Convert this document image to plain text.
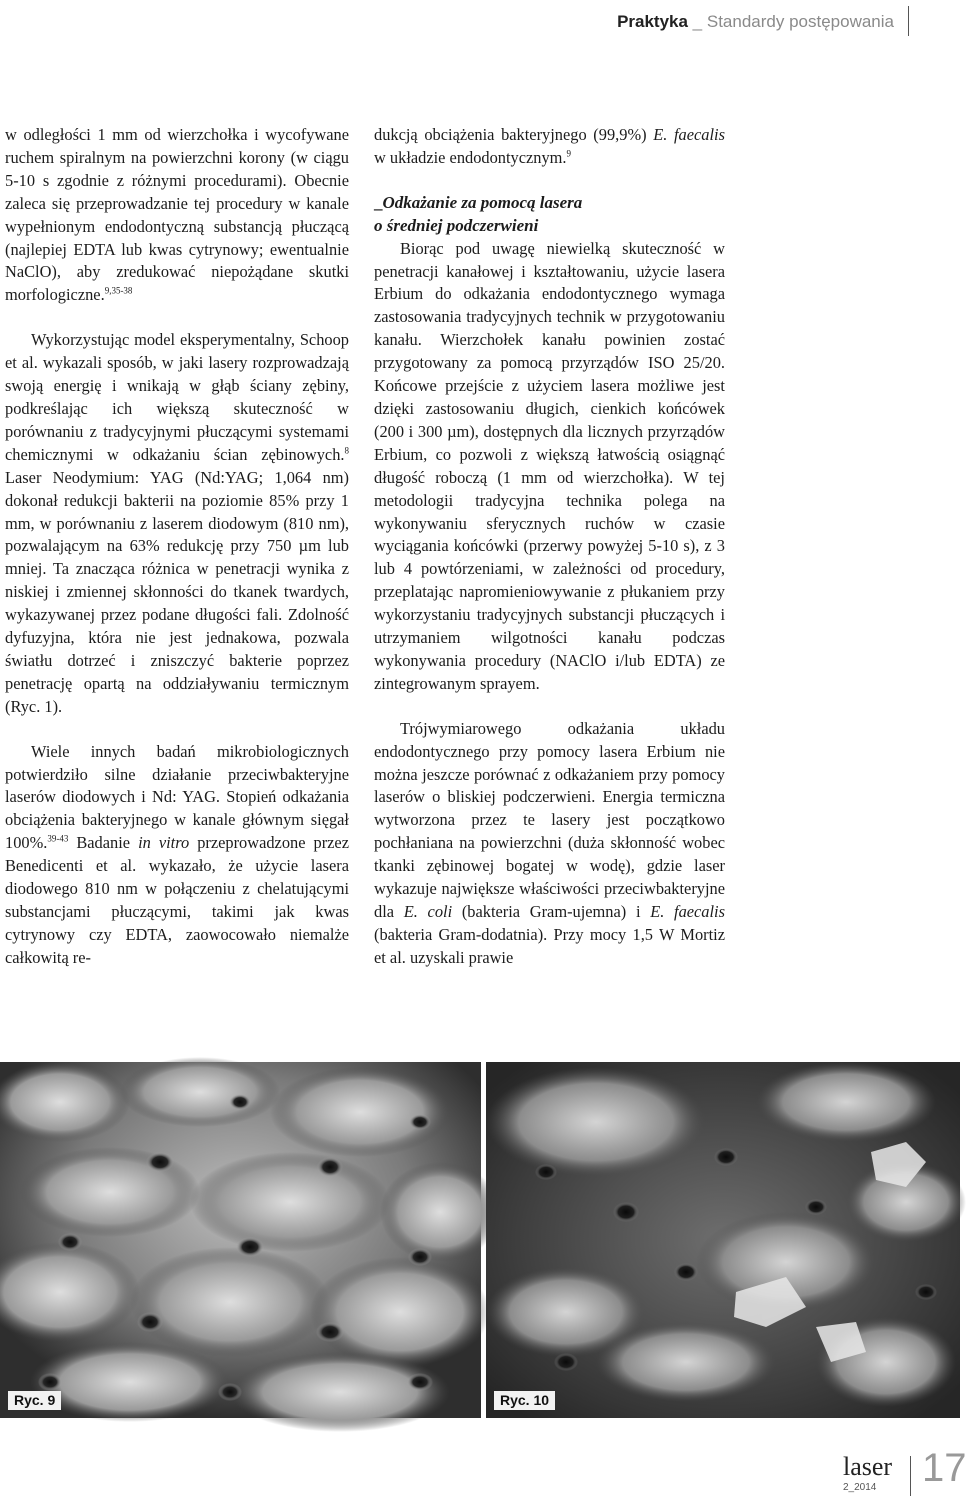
Praktyka _ Standardy postępowania

w odległości 1 mm od wierzchołka i wycofywane ruchem spiralnym na powierzchni korony (w ciągu 5-10 s zgodnie z różnymi procedurami). Obecnie zaleca się przeprowadzanie tej procedury w kanale wypełnionym endodontyczną substancją płuczącą (najlepiej EDTA lub kwas cytrynowy; ewentualnie NaClO), aby zredukować niepożądane skutki morfologiczne.$^{9,35-38}$

Wykorzystując model eksperymentalny, Schoop et al. wykazali sposób, w jaki lasery rozprowadzają swoją energię i wnikają w głąb ściany zębiny, podkreślając ich większą skuteczność w porównaniu z tradycyjnymi płuczącymi systemami chemicznymi w odkażaniu ścian zębinowych.$^8$ Laser Neodymium: YAG (Nd:YAG; 1,064 nm) dokonał redukcji bakterii na poziomie 85% przy 1 mm, w porównaniu z laserem diodowym (810 nm), pozwalającym na 63% redukcję przy 750 µm lub mniej. Ta znacząca różnica w penetracji wynika z niskiej i zmiennej skłonności do tkanek twardych, wykazywanej przez podane długości fali. Zdolność dyfuzyjna, która nie jest jednakowa, pozwala światłu dotrzeć i zniszczyć bakterie poprzez penetrację opartą na oddziaływaniu termicznym (Ryc. 1).

Wiele innych badań mikrobiologicznych potwierdziło silne działanie przeciwbakteryjne laserów diodowych i Nd: YAG. Stopień odkażania obciążenia bakteryjnego w kanale głównym sięgał 100%.$^{39-43}$ Badanie in vitro przeprowadzone przez Benedicenti et al. wykazało, że użycie lasera diodowego 810 nm w połączeniu z chelatującymi substancjami płuczącymi, takimi jak kwas cytrynowy czy EDTA, zaowocowało niemalże całkowitą re-

dukcją obciążenia bakteryjnego (99,9%) E. faecalis w układzie endodontycznym.$^9$

_Odkażanie za pomocą lasera
o średniej podczerwieni

Biorąc pod uwagę niewielką skuteczność w penetracji kanałowej i kształtowaniu, użycie lasera Erbium do odkażania endodontycznego wymaga zastosowania tradycyjnych technik w przygotowaniu kanału. Wierzchołek kanału powinien zostać przygotowany za pomocą przyrządów ISO 25/20. Końcowe przejście z użyciem lasera możliwe jest dzięki zastosowaniu długich, cienkich końcówek (200 i 300 µm), dostępnych dla licznych przyrządów Erbium, co pozwoli z większą łatwością osiągnąć długość roboczą (1 mm od wierzchołka). W tej metodologii tradycyjna technika polega na wykonywaniu sferycznych ruchów w czasie wyciągania końcówki (przerwy powyżej 5-10 s), z 3 lub 4 powtórzeniami, w zależności od procedury, przeplatając napromieniowywanie z płukaniem przy wykorzystaniu tradycyjnych substancji płuczących i utrzymaniem wilgotności kanału podczas wykonywania procedury (NAClO i/lub EDTA) ze zintegrowanym sprayem.

Trójwymiarowego odkażania układu endodontycznego przy pomocy lasera Erbium nie można jeszcze porównać z odkażaniem przy pomocy laserów o bliskiej podczerwieni. Energia termiczna wytworzona przez te lasery jest początkowo pochłaniana na powierzchni (duża skłonność wobec tkanki zębinowej bogatej w wodę), gdzie laser wykazuje największe właściwości przeciwbakteryjne dla E. coli (bakteria Gram-ujemna) i E. faecalis (bakteria Gram-dodatnia). Przy mocy 1,5 W Mortiz et al. uzyskali prawie

Ryc. 9	Ryc. 10
laser
2_2014 17
